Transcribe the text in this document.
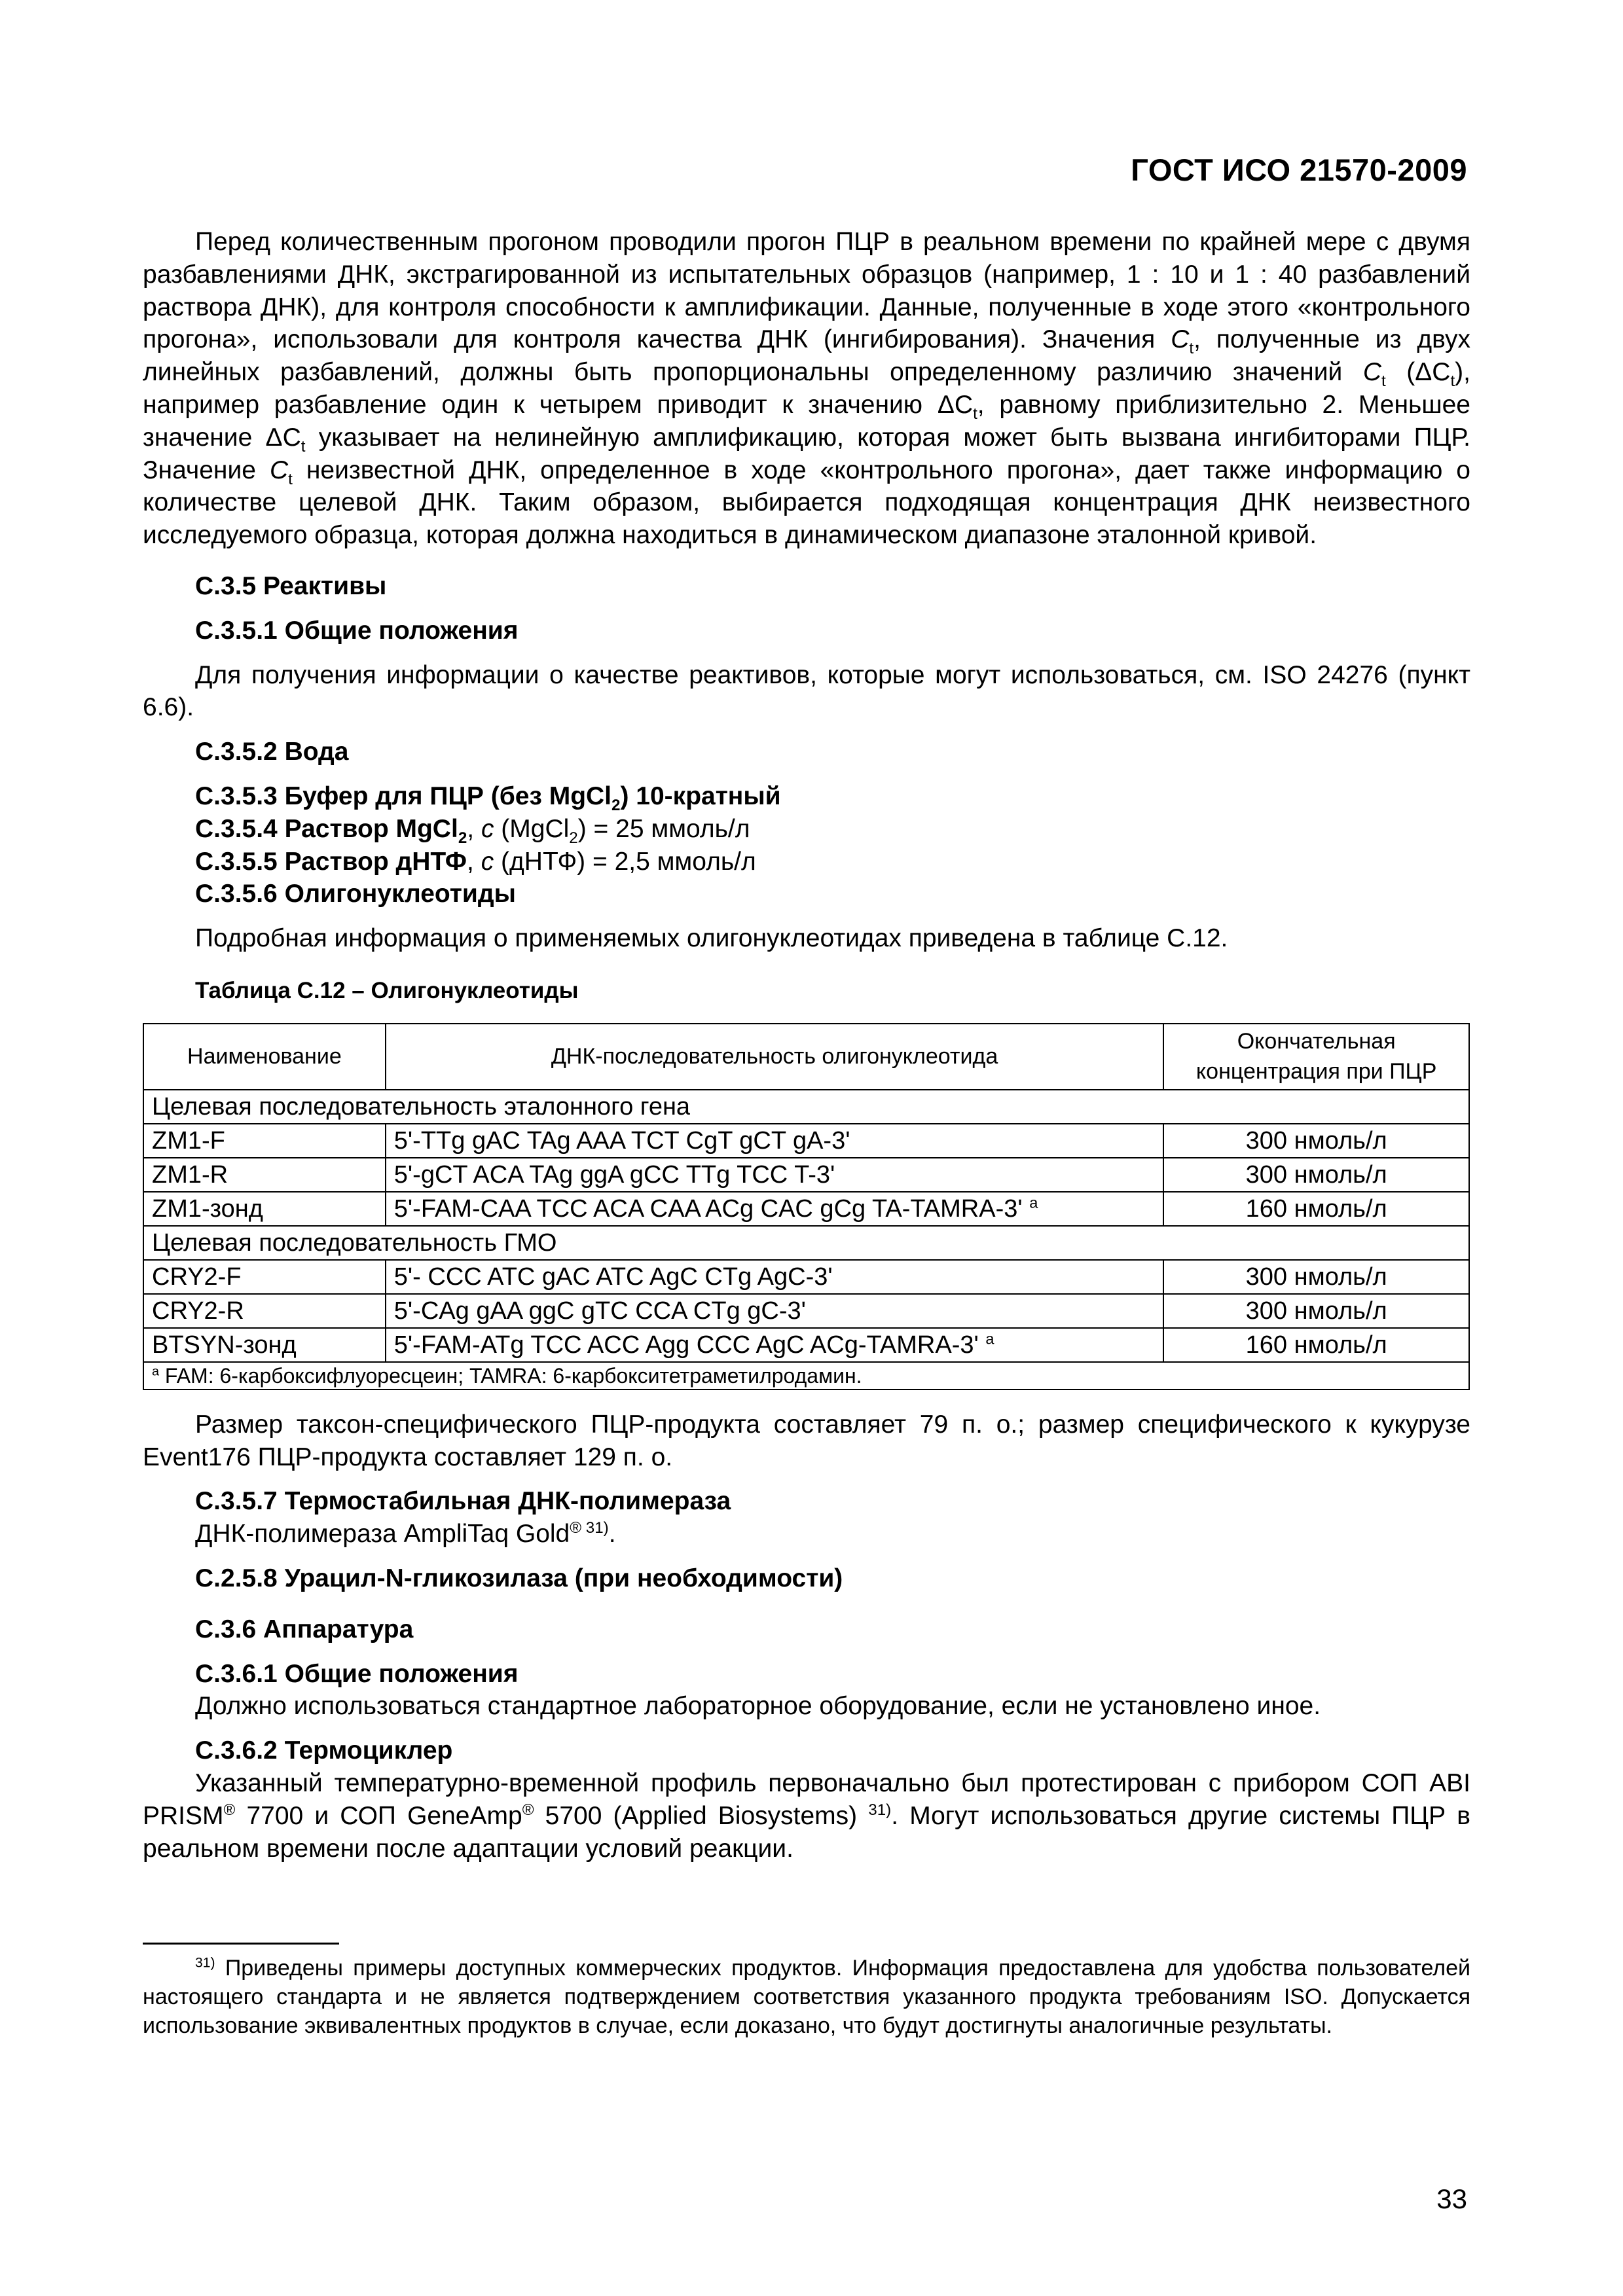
ГОСТ ИСО 21570-2009

Перед количественным прогоном проводили прогон ПЦР в реальном времени по крайней мере с двумя разбавлениями ДНК, экстрагированной из испытательных образцов (например, 1 : 10 и 1 : 40 разбавлений раствора ДНК), для контроля способности к амплификации. Данные, полученные в ходе этого «контрольного прогона», использовали для контроля качества ДНК (ингибирования). Значения $C_t$, полученные из двух линейных разбавлений, должны быть пропорциональны определенному различию значений $C_t$ $(\Delta C_t)$, например разбавление один к четырем приводит к значению $\Delta C_t$, равному приблизительно 2. Меньшее значение $\Delta C_t$ указывает на нелинейную амплификацию, которая может быть вызвана ингибиторами ПЦР. Значение $C_t$ неизвестной ДНК, определенное в ходе «контрольного прогона», дает также информацию о количестве целевой ДНК. Таким образом, выбирается подходящая концентрация ДНК неизвестного исследуемого образца, которая должна находиться в динамическом диапазоне эталонной кривой.

С.3.5 Реактивы
С.3.5.1 Общие положения

Для получения информации о качестве реактивов, которые могут использоваться, см. ISO 24276 (пункт 6.6).

С.3.5.2 Вода
С.3.5.3 Буфер для ПЦР (без MgCl$_2$) 10-кратный
С.3.5.4 Раствор MgCl$_2$, c (MgCl$_2$) = 25 ммоль/л
С.3.5.5 Раствор дНТФ, c (дНТФ) = 2,5 ммоль/л
С.3.5.6 Олигонуклеотиды

Подробная информация о применяемых олигонуклеотидах приведена в таблице С.12.

Таблица С.12 – Олигонуклеотиды
Наименование	ДНК-последовательность олигонуклеотида	Окончательная концентрация при ПЦР
Целевая последовательность эталонного гена		
ZM1-F	5'-TTg gAC TAg AAA TCT CgT gCT gA-3'	300 нмоль/л
ZM1-R	5'-gCT ACA TAg ggA gCC TTg TCC T-3'	300 нмоль/л
ZM1-зонд	5'-FAM-CAA TCC ACA CAA ACg CAC gCg TA-TAMRA-3' $^a$	160 нмоль/л
Целевая последовательность ГМО		
CRY2-F	5'- CCC ATC gAC ATC AgC CTg AgC-3'	300 нмоль/л
CRY2-R	5'-CAg gAA ggC gTC CCA CTg gC-3'	300 нмоль/л
BTSYN-зонд	5'-FAM-ATg TCC ACC Agg CCC AgC ACg-TAMRA-3' $^a$	160 нмоль/л
$^a$ FAM: 6-карбоксифлуоресцеин; TAMRA: 6-карбокситетраметилродамин.		

Размер таксон-специфического ПЦР-продукта составляет 79 п. о.; размер специфического к кукурузе Event176 ПЦР-продукта составляет 129 п. о.

С.3.5.7 Термостабильная ДНК-полимераза
ДНК-полимераза AmpliTaq Gold$^{® 31)}$.
С.2.5.8 Урацил-N-гликозилаза (при необходимости)
С.3.6 Аппаратура
С.3.6.1 Общие положения

Должно использоваться стандартное лабораторное оборудование, если не установлено иное.

С.3.6.2 Термоциклер

Указанный температурно-временной профиль первоначально был протестирован с прибором СОП ABI PRISM® 7700 и СОП GeneAmp® 5700 (Applied Biosystems) $^{31)}$. Могут использоваться другие системы ПЦР в реальном времени после адаптации условий реакции.

$^{31)}$ Приведены примеры доступных коммерческих продуктов. Информация предоставлена для удобства пользователей настоящего стандарта и не является подтверждением соответствия указанного продукта требованиям ISO. Допускается использование эквивалентных продуктов в случае, если доказано, что будут достигнуты аналогичные результаты.
33
